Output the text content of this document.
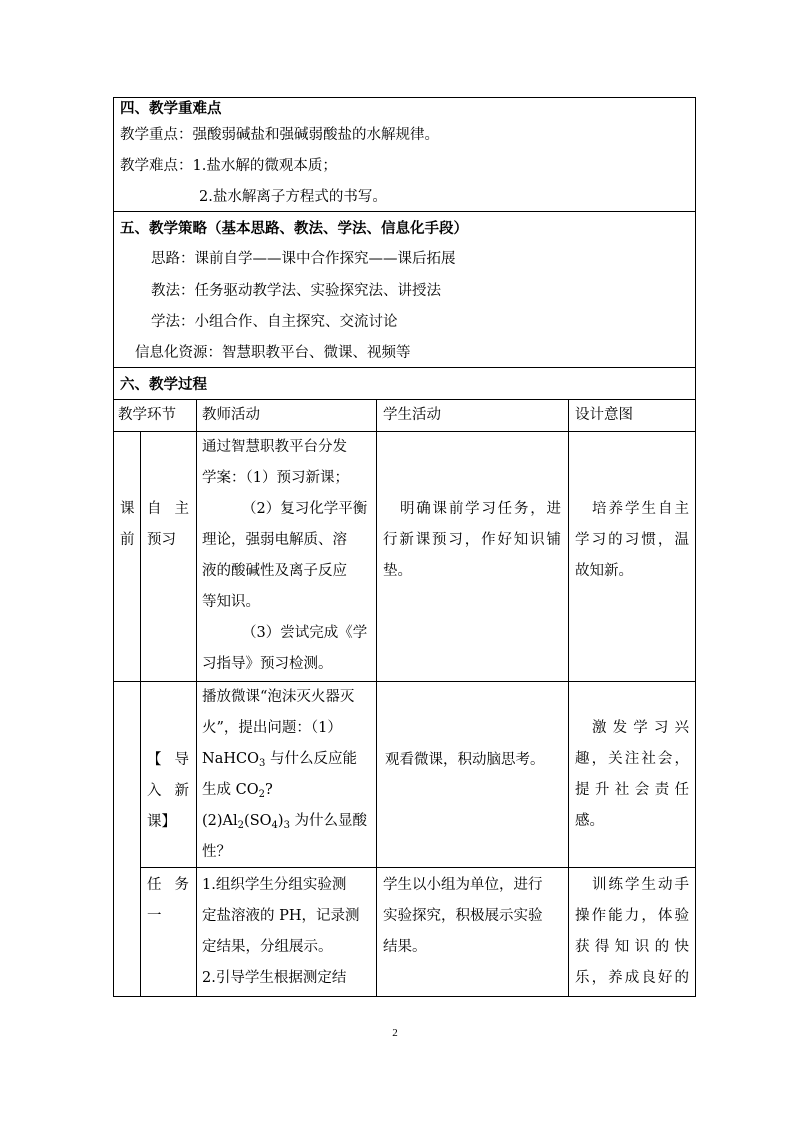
四、教学重难点
教学重点：强酸弱碱盐和强碱弱酸盐的水解规律。
教学难点：1.盐水解的微观本质；
2.盐水解离子方程式的书写。
五、教学策略（基本思路、教法、学法、信息化手段）
思路：课前自学——课中合作探究——课后拓展
教法：任务驱动教学法、实验探究法、讲授法
学法：小组合作、自主探究、交流讨论
信息化资源：智慧职教平台、微课、视频等
六、教学过程
教学环节 教师活动	学生活动	设计意图
课
前
自 主
预习
通过智慧职教平台分发
学案：（1）预习新课；
（2）复习化学平衡
理论，强弱电解质、溶
液的酸碱性及离子反应
等知识。
（3）尝试完成《学
习指导》预习检测。
明确课前学习任务，进
行新课预习，作好知识铺
垫。
培养学生自主
学习的习惯，温
故知新。
【 导
入 新
课】
播放微课“泡沫灭火器灭
火”，提出问题：（1）
NaHCO$_3$ 与什么反应能
生成 $CO_2$?
$(2)Al_2(SO_4)_3$ 为什么显酸
性？
观看微课，积动脑思考。
激 发 学 习 兴
趣，关注社会，
提 升 社 会 责 任
感。
任 务
一
1.组织学生分组实验测
定盐溶液的 PH，记录测
定结果，分组展示。
2.引导学生根据测定结
学生以小组为单位，进行
实验探究，积极展示实验
结果。
训练学生动手
操作能力，体验
获 得 知 识 的 快
乐，养成良好的
2
